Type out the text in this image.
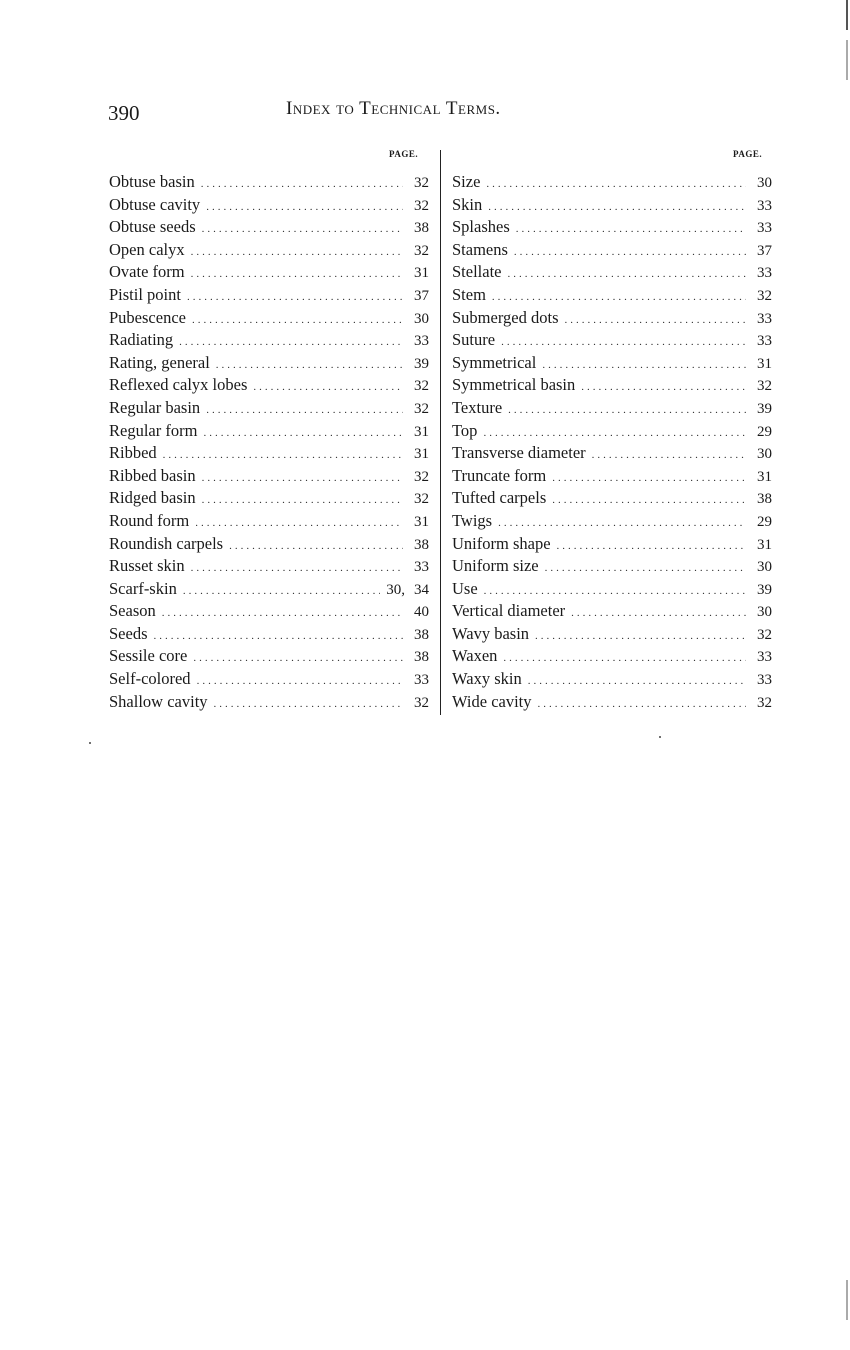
390	Index to Technical Terms.
PAGE.	PAGE.
Obtuse basin .....	32
Obtuse cavity .....	32
Obtuse seeds .....	38
Open calyx .....	32
Ovate form .....	31
Pistil point .....	37
Pubescence .....	30
Radiating .....	33
Rating, general .....	39
Reflexed calyx lobes .....	32
Regular basin .....	32
Regular form .....	31
Ribbed .....	31
Ribbed basin .....	32
Ridged basin .....	32
Round form .....	31
Roundish carpels .....	38
Russet skin .....	33
Scarf-skin .....	30, 34
Season .....	40
Seeds .....	38
Sessile core .....	38
Self-colored .....	33
Shallow cavity .....	32
Size .....	30
Skin .....	33
Splashes .....	33
Stamens .....	37
Stellate .....	33
Stem .....	32
Submerged dots .....	33
Suture .....	33
Symmetrical .....	31
Symmetrical basin .....	32
Texture .....	39
Top .....	29
Transverse diameter .....	30
Truncate form .....	31
Tufted carpels .....	38
Twigs .....	29
Uniform shape .....	31
Uniform size .....	30
Use .....	39
Vertical diameter .....	30
Wavy basin .....	32
Waxen .....	33
Waxy skin .....	33
Wide cavity .....	32
